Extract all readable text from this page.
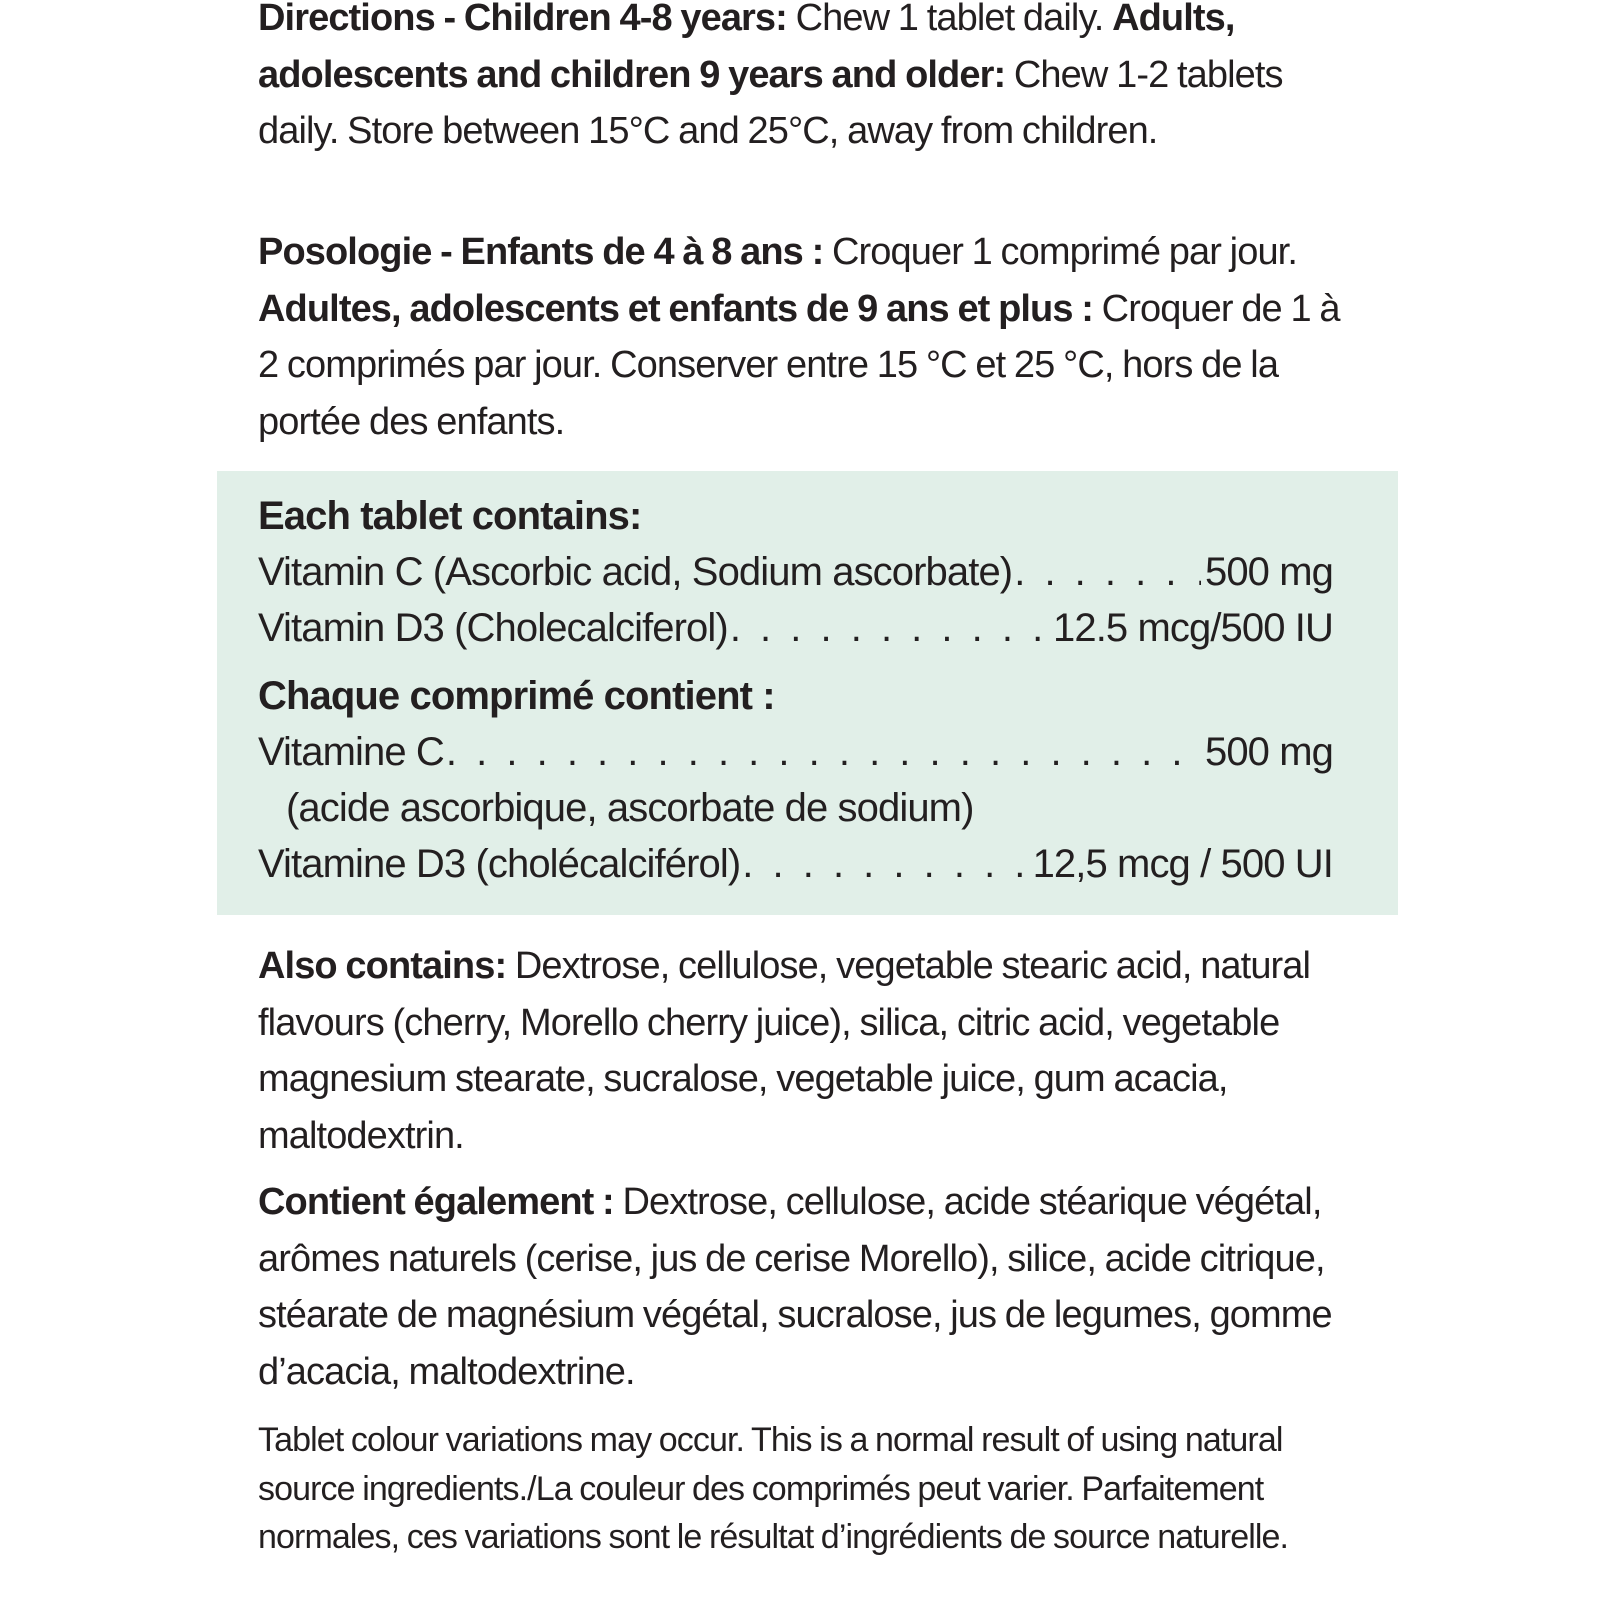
Directions - Children 4-8 years: Chew 1 tablet daily. Adults, adolescents and children 9 years and older: Chew 1-2 tablets daily. Store between 15°C and 25°C, away from children.

Posologie - Enfants de 4 à 8 ans : Croquer 1 comprimé par jour. Adultes, adolescents et enfants de 9 ans et plus : Croquer de 1 à 2 comprimés par jour. Conserver entre 15 °C et 25 °C, hors de la portée des enfants.

Each tablet contains:
Vitamin C (Ascorbic acid, Sodium ascorbate) . . .	500 mg
Vitamin D3 (Cholecalciferol) . . .	12.5 mcg/500 IU
Chaque comprimé contient :
Vitamine C . . .	500 mg
(acide ascorbique, ascorbate de sodium)
Vitamine D3 (cholécalciférol) . . .	12,5 mcg / 500 UI

Also contains: Dextrose, cellulose, vegetable stearic acid, natural flavours (cherry, Morello cherry juice), silica, citric acid, vegetable magnesium stearate, sucralose, vegetable juice, gum acacia, maltodextrin.

Contient également : Dextrose, cellulose, acide stéarique végétal, arômes naturels (cerise, jus de cerise Morello), silice, acide citrique, stéarate de magnésium végétal, sucralose, jus de legumes, gomme d’acacia, maltodextrine.

Tablet colour variations may occur. This is a normal result of using natural source ingredients./La couleur des comprimés peut varier. Parfaitement normales, ces variations sont le résultat d’ingrédients de source naturelle.
